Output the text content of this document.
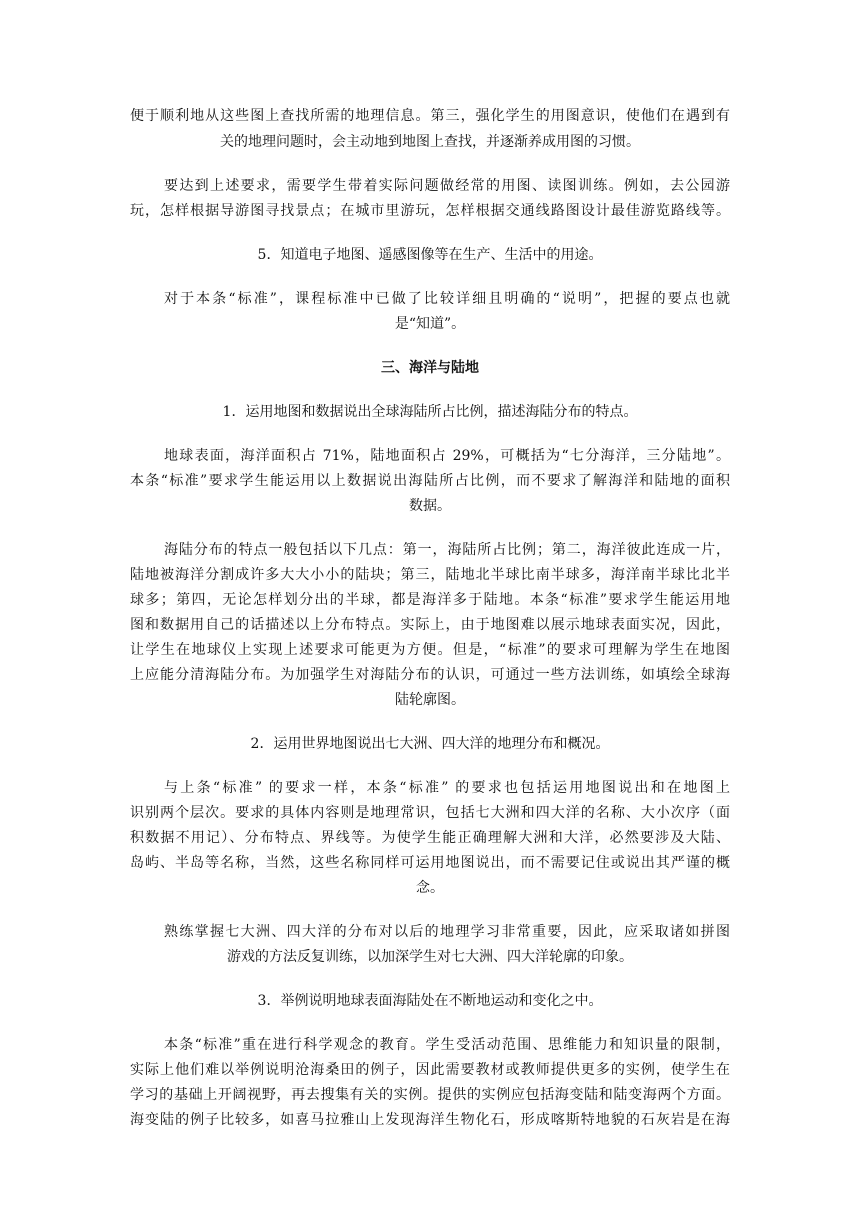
便于顺利地从这些图上查找所需的地理信息。第三，强化学生的用图意识，使他们在遇到有
关的地理问题时，会主动地到地图上查找，并逐渐养成用图的习惯。
要达到上述要求，需要学生带着实际问题做经常的用图、读图训练。例如，去公园游
玩，怎样根据导游图寻找景点；在城市里游玩，怎样根据交通线路图设计最佳游览路线等。
5．知道电子地图、遥感图像等在生产、生活中的用途。
对于本条“标准”，课程标准中已做了比较详细且明确的“说明”，把握的要点也就
是“知道”。
三、海洋与陆地
1．运用地图和数据说出全球海陆所占比例，描述海陆分布的特点。
地球表面，海洋面积占 71%，陆地面积占 29%，可概括为“七分海洋，三分陆地”。
本条“标准”要求学生能运用以上数据说出海陆所占比例，而不要求了解海洋和陆地的面积
数据。
海陆分布的特点一般包括以下几点：第一，海陆所占比例；第二，海洋彼此连成一片，
陆地被海洋分割成许多大大小小的陆块；第三，陆地北半球比南半球多，海洋南半球比北半
球多；第四，无论怎样划分出的半球，都是海洋多于陆地。本条“标准”要求学生能运用地
图和数据用自己的话描述以上分布特点。实际上，由于地图难以展示地球表面实况，因此，
让学生在地球仪上实现上述要求可能更为方便。但是，“标准”的要求可理解为学生在地图
上应能分清海陆分布。为加强学生对海陆分布的认识，可通过一些方法训练，如填绘全球海
陆轮廓图。
2．运用世界地图说出七大洲、四大洋的地理分布和概况。
与上条“标准” 的要求一样，本条“标准” 的要求也包括运用地图说出和在地图上
识别两个层次。要求的具体内容则是地理常识，包括七大洲和四大洋的名称、大小次序（面
积数据不用记）、分布特点、界线等。为使学生能正确理解大洲和大洋，必然要涉及大陆、
岛屿、半岛等名称，当然，这些名称同样可运用地图说出，而不需要记住或说出其严谨的概
念。
熟练掌握七大洲、四大洋的分布对以后的地理学习非常重要，因此，应采取诸如拼图
游戏的方法反复训练，以加深学生对七大洲、四大洋轮廓的印象。
3．举例说明地球表面海陆处在不断地运动和变化之中。
本条“标准”重在进行科学观念的教育。学生受活动范围、思维能力和知识量的限制，
实际上他们难以举例说明沧海桑田的例子，因此需要教材或教师提供更多的实例，使学生在
学习的基础上开阔视野，再去搜集有关的实例。提供的实例应包括海变陆和陆变海两个方面。
海变陆的例子比较多，如喜马拉雅山上发现海洋生物化石，形成喀斯特地貌的石灰岩是在海
